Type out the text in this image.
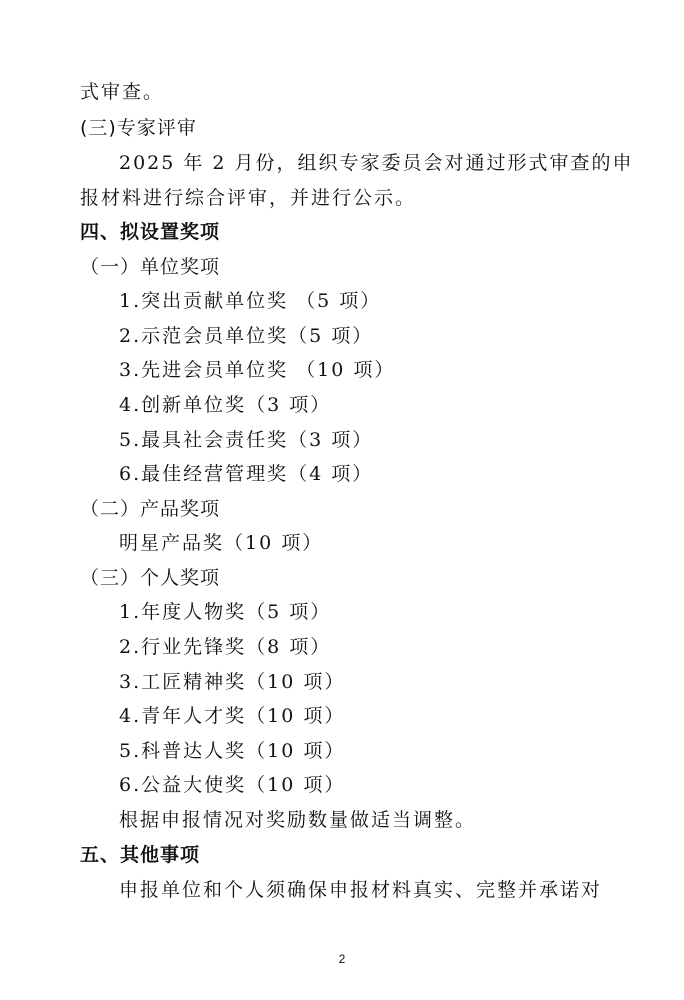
式审查。
(三)专家评审
2025 年 2 月份，组织专家委员会对通过形式审查的申
报材料进行综合评审，并进行公示。
四、拟设置奖项
（一）单位奖项
1.突出贡献单位奖 （5 项）
2.示范会员单位奖（5 项）
3.先进会员单位奖 （10 项）
4.创新单位奖（3 项）
5.最具社会责任奖（3 项）
6.最佳经营管理奖（4 项）
（二）产品奖项
明星产品奖（10 项）
（三）个人奖项
1.年度人物奖（5 项）
2.行业先锋奖（8 项）
3.工匠精神奖（10 项）
4.青年人才奖（10 项）
5.科普达人奖（10 项）
6.公益大使奖（10 项）
根据申报情况对奖励数量做适当调整。
五、其他事项
申报单位和个人须确保申报材料真实、完整并承诺对
2
